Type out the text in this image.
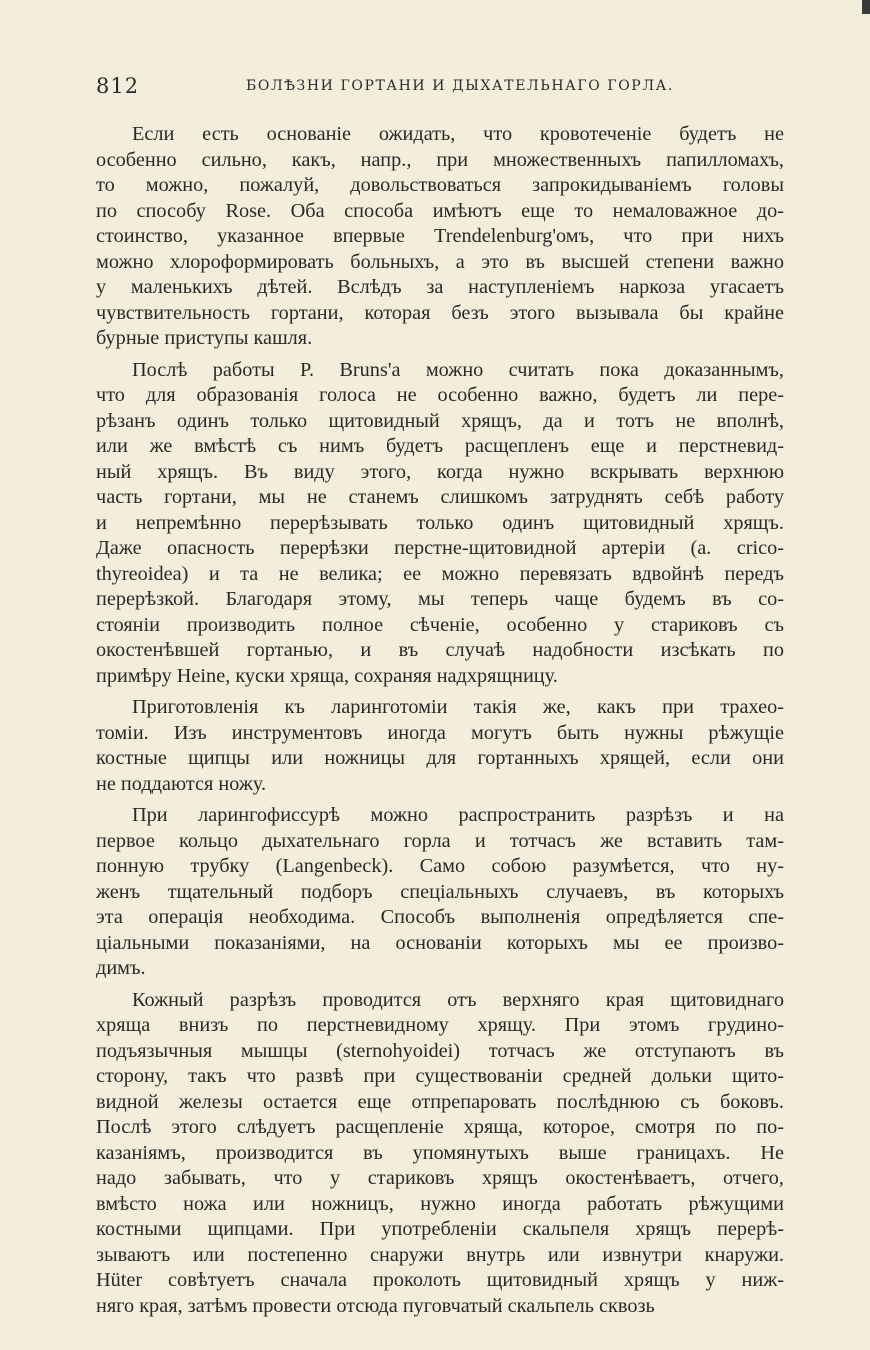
812	БОЛѢЗНИ ГОРТАНИ И ДЫХАТЕЛЬНАГО ГОРЛА.
Если есть основаніе ожидать, что кровотеченіе будетъ не
особенно сильно, какъ, напр., при множественныхъ папилломахъ,
то можно, пожалуй, довольствоваться запрокидываніемъ головы
по способу Rose. Оба способа имѣютъ еще то немаловажное до-
стоинство, указанное впервые Trendelenburg'омъ, что при нихъ
можно хлороформировать больныхъ, а это въ высшей степени важно
у маленькихъ дѣтей. Вслѣдъ за наступленіемъ наркоза угасаетъ
чувствительность гортани, которая безъ этого вызывала бы крайне
бурные приступы кашля.
Послѣ работы P. Bruns'а можно считать пока доказаннымъ,
что для образованія голоса не особенно важно, будетъ ли пере-
рѣзанъ одинъ только щитовидный хрящъ, да и тотъ не вполнѣ,
или же вмѣстѣ съ нимъ будетъ расщепленъ еще и перстневид-
ный хрящъ. Въ виду этого, когда нужно вскрывать верхнюю
часть гортани, мы не станемъ слишкомъ затруднять себѣ работу
и непремѣнно перерѣзывать только одинъ щитовидный хрящъ.
Даже опасность перерѣзки перстне-щитовидной артеріи (a. crico-
thyreoidea) и та не велика; ее можно перевязать вдвойнѣ передъ
перерѣзкой. Благодаря этому, мы теперь чаще будемъ въ со-
стояніи производить полное сѣченіе, особенно у стариковъ съ
окостенѣвшей гортанью, и въ случаѣ надобности изсѣкать по
примѣру Heine, куски хряща, сохраняя надхрящницу.
Приготовленія къ ларинготоміи такія же, какъ при трахео-
томіи. Изъ инструментовъ иногда могутъ быть нужны рѣжущіе
костные щипцы или ножницы для гортанныхъ хрящей, если они
не поддаются ножу.
При ларингофиссурѣ можно распространить разрѣзъ и на
первое кольцо дыхательнаго горла и тотчасъ же вставить там-
понную трубку (Langenbeck). Само собою разумѣется, что ну-
женъ тщательный подборъ спеціальныхъ случаевъ, въ которыхъ
эта операція необходима. Способъ выполненія опредѣляется спе-
ціальными показаніями, на основаніи которыхъ мы ее произво-
димъ.
Кожный разрѣзъ проводится отъ верхняго края щитовиднаго
хряща внизъ по перстневидному хрящу. При этомъ грудино-
подъязычныя мышцы (sternohyoidei) тотчасъ же отступаютъ въ
сторону, такъ что развѣ при существованіи средней дольки щито-
видной железы остается еще отпрепаровать послѣднюю съ боковъ.
Послѣ этого слѣдуетъ расщепленіе хряща, которое, смотря по по-
казаніямъ, производится въ упомянутыхъ выше границахъ. Не
надо забывать, что у стариковъ хрящъ окостенѣваетъ, отчего,
вмѣсто ножа или ножницъ, нужно иногда работать рѣжущими
костными щипцами. При употребленіи скальпеля хрящъ перерѣ-
зываютъ или постепенно снаружи внутрь или извнутри кнаружи.
Hüter совѣтуетъ сначала проколоть щитовидный хрящъ у ниж-
няго края, затѣмъ провести отсюда пуговчатый скальпель сквозь
